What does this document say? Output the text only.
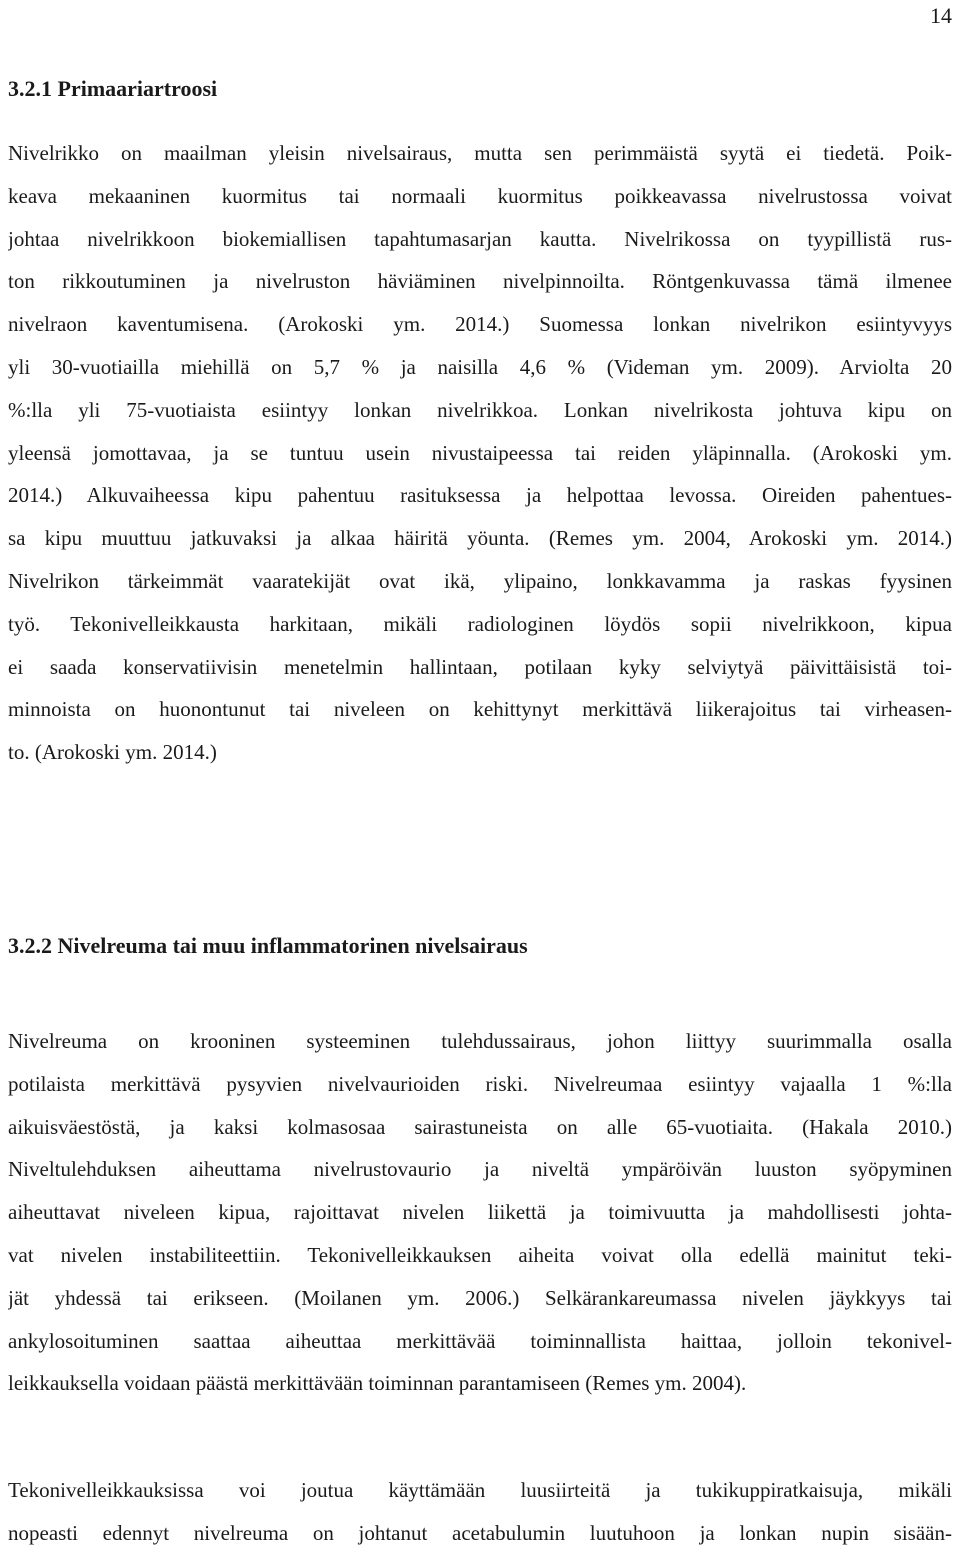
14
3.2.1 Primaariartroosi
Nivelrikko on maailman yleisin nivelsairaus, mutta sen perimmäistä syytä ei tiedetä. Poik-
keava mekaaninen kuormitus tai normaali kuormitus poikkeavassa nivelrustossa voivat
johtaa nivelrikkoon biokemiallisen tapahtumasarjan kautta. Nivelrikossa on tyypillistä rus-
ton rikkoutuminen ja nivelruston häviäminen nivelpinnoilta. Röntgenkuvassa tämä ilmenee
nivelraon kaventumisena. (Arokoski ym. 2014.) Suomessa lonkan nivelrikon esiintyvyys
yli 30-vuotiailla miehillä on 5,7 % ja naisilla 4,6 % (Videman ym. 2009). Arviolta 20
%:lla yli 75-vuotiaista esiintyy lonkan nivelrikkoa. Lonkan nivelrikosta johtuva kipu on
yleensä jomottavaa, ja se tuntuu usein nivustaipeessa tai reiden yläpinnalla. (Arokoski ym.
2014.) Alkuvaiheessa kipu pahentuu rasituksessa ja helpottaa levossa. Oireiden pahentues-
sa kipu muuttuu jatkuvaksi ja alkaa häiritä yöunta. (Remes ym. 2004, Arokoski ym. 2014.)
Nivelrikon tärkeimmät vaaratekijät ovat ikä, ylipaino, lonkkavamma ja raskas fyysinen
työ. Tekonivelleikkausta harkitaan, mikäli radiologinen löydös sopii nivelrikkoon, kipua
ei saada konservatiivisin menetelmin hallintaan, potilaan kyky selviytyä päivittäisistä toi-
minnoista on huonontunut tai niveleen on kehittynyt merkittävä liikerajoitus tai virheasen-
to. (Arokoski ym. 2014.)
3.2.2 Nivelreuma tai muu inflammatorinen nivelsairaus
Nivelreuma on krooninen systeeminen tulehdussairaus, johon liittyy suurimmalla osalla
potilaista merkittävä pysyvien nivelvaurioiden riski. Nivelreumaa esiintyy vajaalla 1 %:lla
aikuisväestöstä, ja kaksi kolmasosaa sairastuneista on alle 65-vuotiaita. (Hakala 2010.)
Niveltulehduksen aiheuttama nivelrustovaurio ja niveltä ympäröivän luuston syöpyminen
aiheuttavat niveleen kipua, rajoittavat nivelen liikettä ja toimivuutta ja mahdollisesti johta-
vat nivelen instabiliteettiin. Tekonivelleikkauksen aiheita voivat olla edellä mainitut teki-
jät yhdessä tai erikseen. (Moilanen ym. 2006.) Selkärankareumassa nivelen jäykkyys tai
ankylosoituminen saattaa aiheuttaa merkittävää toiminnallista haittaa, jolloin tekonivel-
leikkauksella voidaan päästä merkittävään toiminnan parantamiseen (Remes ym. 2004).
Tekonivelleikkauksissa voi joutua käyttämään luusiirteitä ja tukikuppiratkaisuja, mikäli
nopeasti edennyt nivelreuma on johtanut acetabulumin luutuhoon ja lonkan nupin sisään-
